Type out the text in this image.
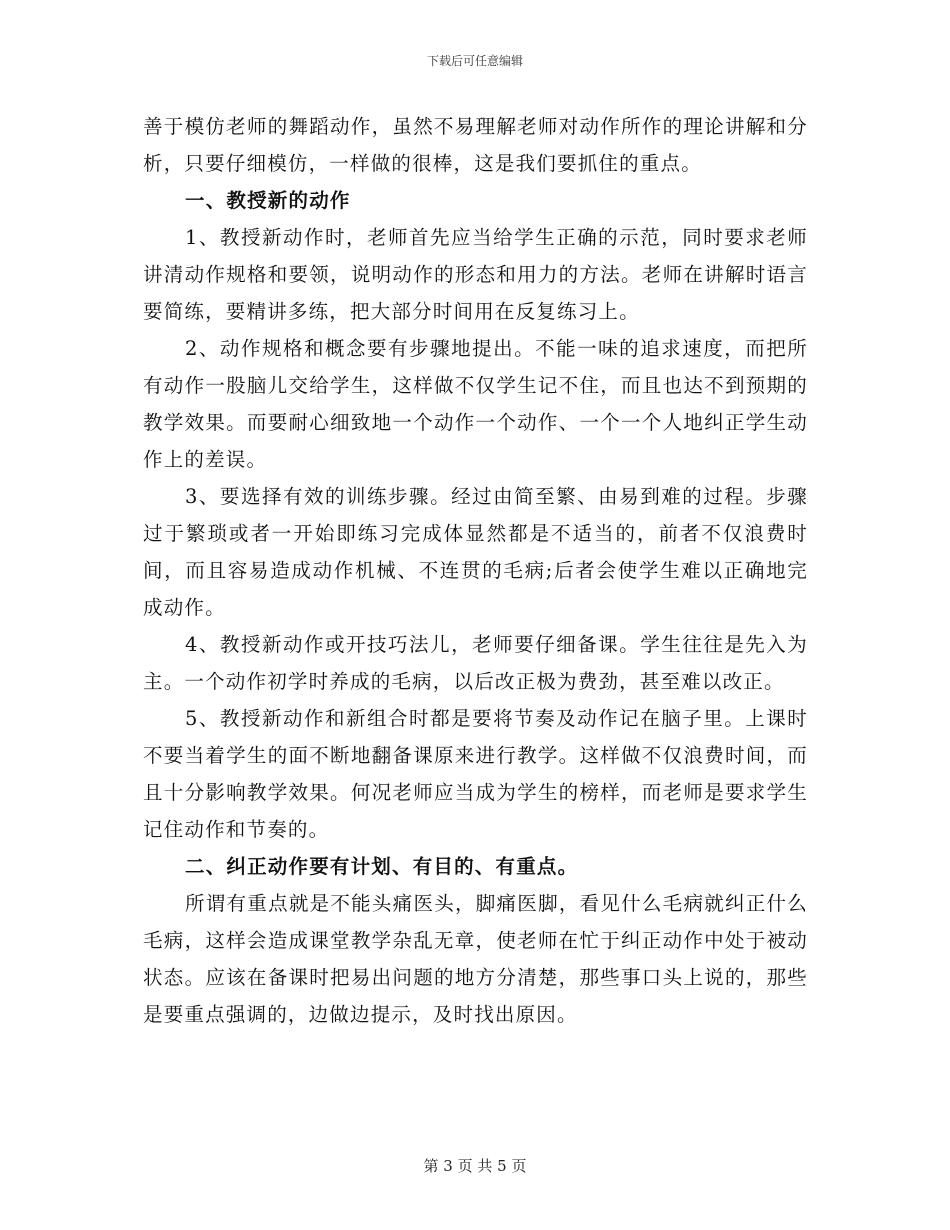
下载后可任意编辑

善于模仿老师的舞蹈动作，虽然不易理解老师对动作所作的理论讲解和分析，只要仔细模仿，一样做的很棒，这是我们要抓住的重点。

一、教授新的动作

1、教授新动作时，老师首先应当给学生正确的示范，同时要求老师讲清动作规格和要领，说明动作的形态和用力的方法。老师在讲解时语言要简练，要精讲多练，把大部分时间用在反复练习上。

2、动作规格和概念要有步骤地提出。不能一味的追求速度，而把所有动作一股脑儿交给学生，这样做不仅学生记不住，而且也达不到预期的教学效果。而要耐心细致地一个动作一个动作、一个一个人地纠正学生动作上的差误。

3、要选择有效的训练步骤。经过由简至繁、由易到难的过程。步骤过于繁琐或者一开始即练习完成体显然都是不适当的，前者不仅浪费时间，而且容易造成动作机械、不连贯的毛病;后者会使学生难以正确地完成动作。

4、教授新动作或开技巧法儿，老师要仔细备课。学生往往是先入为主。一个动作初学时养成的毛病，以后改正极为费劲，甚至难以改正。

5、教授新动作和新组合时都是要将节奏及动作记在脑子里。上课时不要当着学生的面不断地翻备课原来进行教学。这样做不仅浪费时间，而且十分影响教学效果。何况老师应当成为学生的榜样，而老师是要求学生记住动作和节奏的。

二、纠正动作要有计划、有目的、有重点。

所谓有重点就是不能头痛医头，脚痛医脚，看见什么毛病就纠正什么毛病，这样会造成课堂教学杂乱无章，使老师在忙于纠正动作中处于被动状态。应该在备课时把易出问题的地方分清楚，那些事口头上说的，那些是要重点强调的，边做边提示，及时找出原因。

第 3 页 共 5 页
